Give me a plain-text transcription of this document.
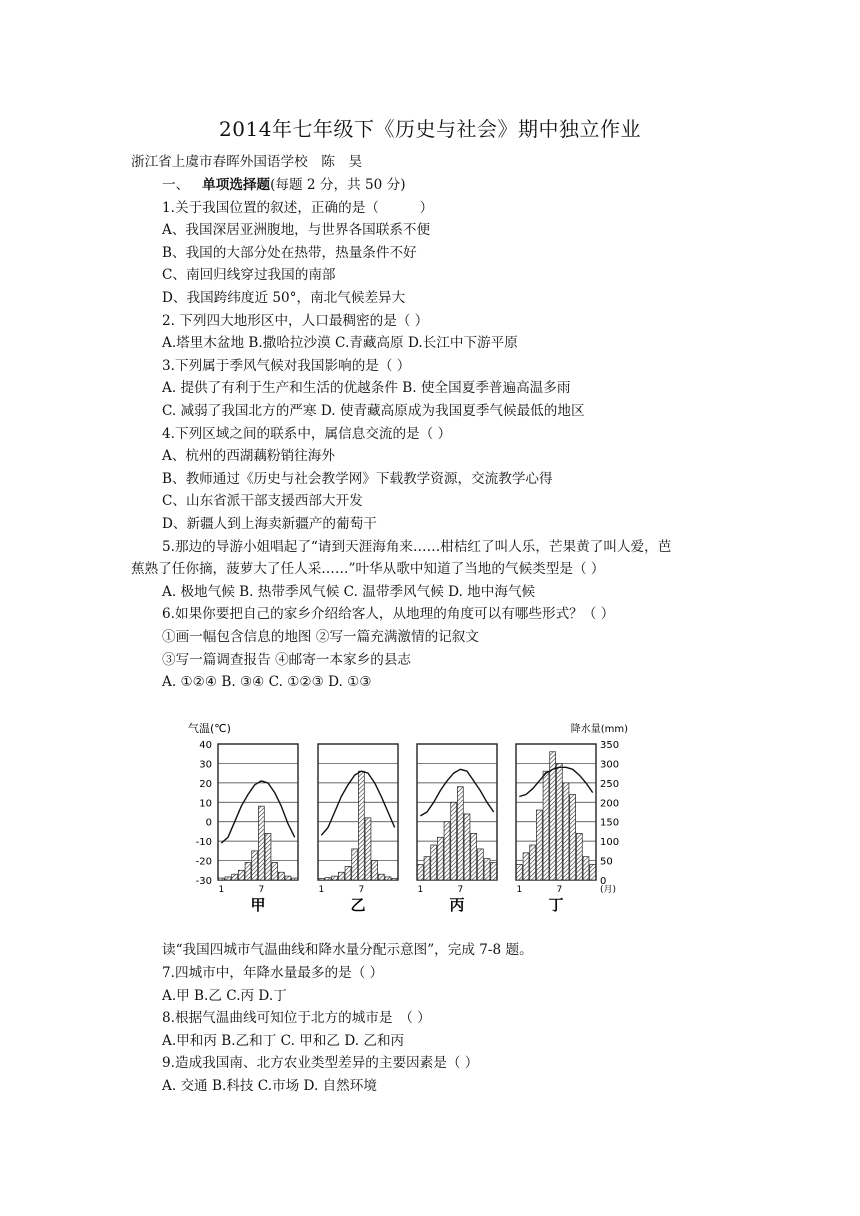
2014年七年级下《历史与社会》期中独立作业
浙江省上虞市春晖外国语学校　陈　昊
一、 单项选择题(每题 2 分，共 50 分)
1.关于我国位置的叙述，正确的是（　　　）
A、我国深居亚洲腹地，与世界各国联系不便
B、我国的大部分处在热带，热量条件不好
C、南回归线穿过我国的南部
D、我国跨纬度近 50°，南北气候差异大
2. 下列四大地形区中，人口最稠密的是（ ）
A.塔里木盆地 B.撒哈拉沙漠 C.青藏高原 D.长江中下游平原
3.下列属于季风气候对我国影响的是（ ）
A. 提供了有利于生产和生活的优越条件 B. 使全国夏季普遍高温多雨
C. 减弱了我国北方的严寒 D. 使青藏高原成为我国夏季气候最低的地区
4.下列区域之间的联系中，属信息交流的是（ ）
A、杭州的西湖藕粉销往海外
B、教师通过《历史与社会教学网》下载教学资源，交流教学心得
C、山东省派干部支援西部大开发
D、新疆人到上海卖新疆产的葡萄干
5.那边的导游小姐唱起了“请到天涯海角来……柑桔红了叫人乐，芒果黄了叫人爱，芭
蕉熟了任你摘，菠萝大了任人采……”叶华从歌中知道了当地的气候类型是（ ）
A. 极地气候 B. 热带季风气候 C. 温带季风气候 D. 地中海气候
6.如果你要把自己的家乡介绍给客人，从地理的角度可以有哪些形式？（ ）
①画一幅包含信息的地图 ②写一篇充满激情的记叙文
③写一篇调查报告 ④邮寄一本家乡的县志
A. ①②④ B. ③④ C. ①②③ D. ①③
气温(℃)	降水量(mm)
40
30
20
10
0
-10
-20
-30
350
300
250
200
150
100
50
0
1	7
甲
1	7
乙
1	7
丙
1	7
丁
(月)
读“我国四城市气温曲线和降水量分配示意图”，完成 7-8 题。
7.四城市中，年降水量最多的是（ ）
A.甲 B.乙 C.丙 D.丁
8.根据气温曲线可知位于北方的城市是　（ ）
A.甲和丙 B.乙和丁 C. 甲和乙 D. 乙和丙
9.造成我国南、北方农业类型差异的主要因素是（ ）
A. 交通 B.科技 C.市场 D. 自然环境
